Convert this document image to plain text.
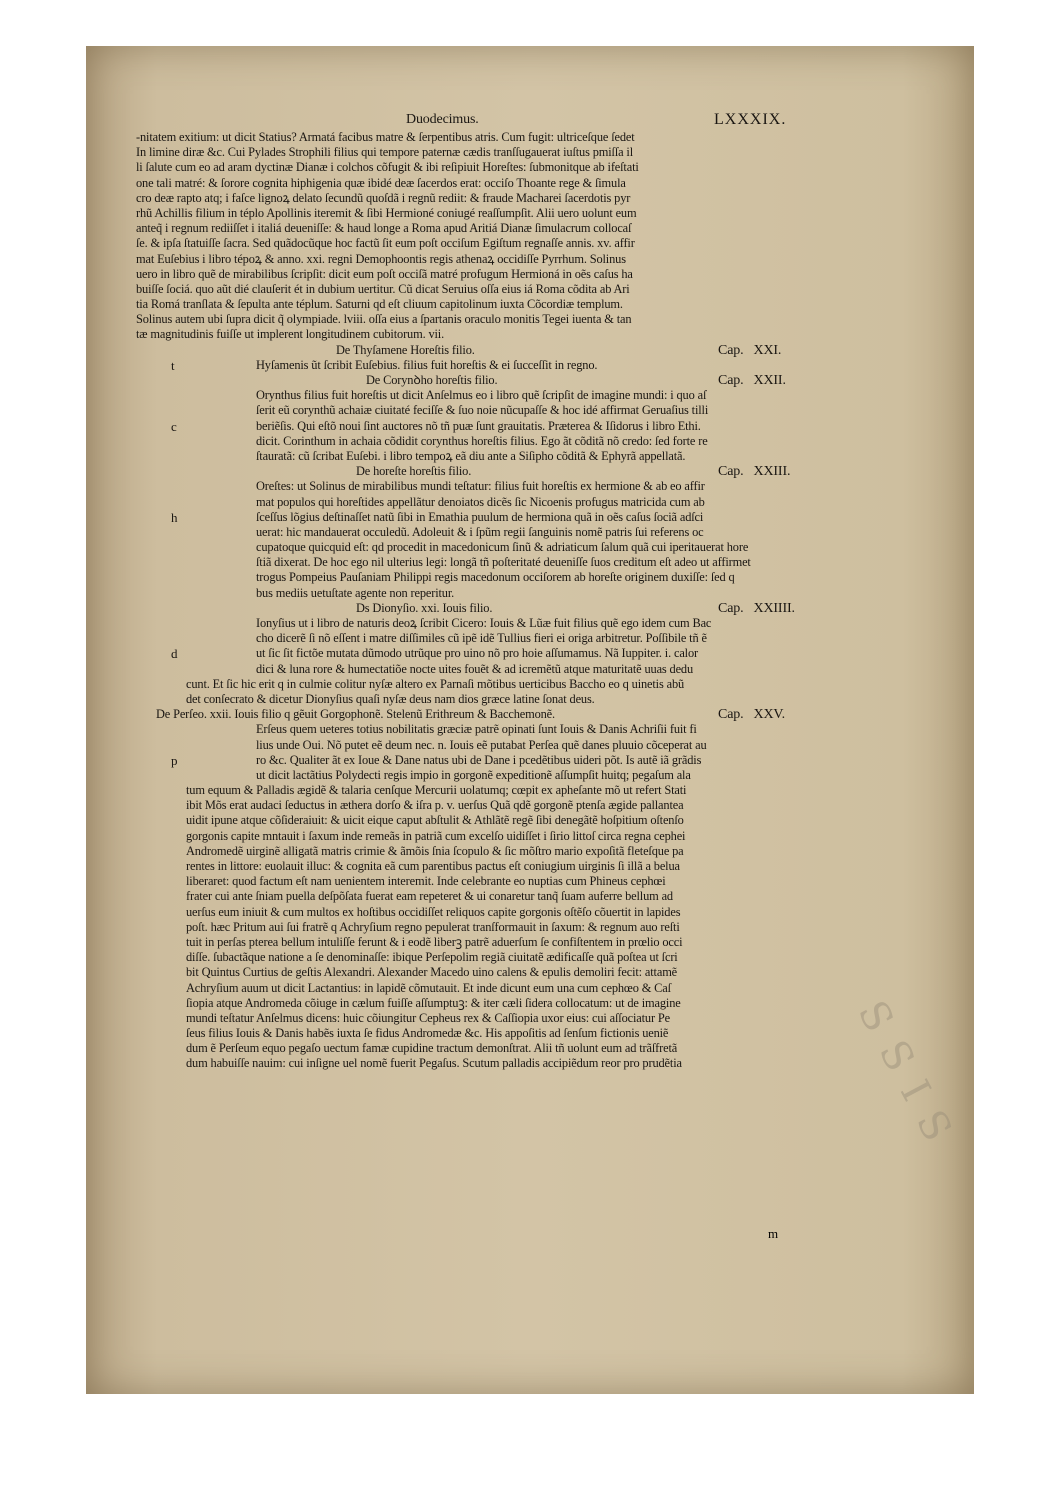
Duodecimus.	LXXXIX.
-nitatem exitium: ut dicit Statius? Armatá facibus matre & ſerpentibus atris. Cum fugit: ultriceſque ſedet
In limine diræ &c. Cui Pylades Strophili filius qui tempore paternæ cædis tranſſugauerat iuſtus pmiſſa il
li ſalute cum eo ad aram dyctinæ Dianæ i colchos cõfugit & ibi reſipiuit Horeſtes: ſubmonitque ab ifeſtati
one tali matré: & ſorore cognita hiphigenia quæ ibidé deæ ſacerdos erat: occiſo Thoante rege & ſimula
cro deæ rapto atq; i faſce lignoꝝ delato ſecundũ quoſdã i regnũ rediit: & fraude Macharei ſacerdotis pyr
rhũ Achillis filium in téplo Apollinis iteremit & ſibi Hermioné coniugé reaſſumpſit. Alii uero uolunt eum
anteq̃ i regnum rediiſſet i italiá deueniſſe: & haud longe a Roma apud Aritiá Dianæ ſimulacrum collocaſ
ſe. & ipſa ſtatuiſſe ſacra. Sed quãdocũque hoc factũ ſit eum poſt occiſum Egiſtum regnaſſe annis. xv. affir
mat Euſebius i libro tépoꝝ & anno. xxi. regni Demophoontis regis athenaꝝ occidiſſe Pyrrhum. Solinus
uero in libro quẽ de mirabilibus ſcripſit: dicit eum poſt occiſã matré profugum Hermioná in oẽs caſus ha
buiſſe ſociá. quo aũt dié clauſerit ét in dubium uertitur. Cũ dicat Seruius oſſa eius iá Roma cõdita ab Ari
tia Romá tranſlata & ſepulta ante téplum. Saturni qd eſt cliuum capitolinum iuxta Cõcordiæ templum.
Solinus autem ubi ſupra dicit q̃ olympiade. lviii. oſſa eius a ſpartanis oraculo monitis Tegei iuenta & tan
tæ magnitudinis fuiſſe ut implerent longitudinem cubitorum. vii.
De Thyſamene Horeſtis filio.	Cap.   XXI.
Hyſamenis ũt ſcribit Euſebius. filius fuit horeſtis & ei ſucceſſit in regno.
t
De Corynꝺho horeſtis filio.	Cap.   XXII.
Orynthus filius fuit horeſtis ut dicit Anſelmus eo i libro quẽ ſcripſit de imagine mundi: i quo aſ
ſerit eũ corynthũ achaiæ ciuitaté feciſſe & ſuo noie nũcupaſſe & hoc idé affirmat Geruaſius tilli
beriẽſis. Qui eſtõ noui ſint auctores nõ tñ puæ ſunt grauitatis. Præterea & Iſidorus i libro Ethi.
c
dicit. Corinthum in achaia cõdidit corynthus horeſtis filius. Ego ãt cõditã nõ credo: ſed forte re
ſtauratã: cũ ſcribat Euſebi. i libro tempoꝝ eã diu ante a Siſipho cõditã & Ephyrã appellatã.
De horeſte horeſtis filio.	Cap.   XXIII.
Oreſtes: ut Solinus de mirabilibus mundi teſtatur: filius fuit horeſtis ex hermione & ab eo affir
mat populos qui horeſtides appellãtur denoiatos dicẽs ſic Nicoenis profugus matricida cum ab
ſceſſus lõgius deſtinaſſet natũ ſibi in Emathia puulum de hermiona quã in oẽs caſus ſociã adſci
h
uerat: hic mandauerat occuledũ. Adoleuit & i ſpũm regii ſanguinis nomẽ patris ſui referens oc
cupatoque quicquid eſt: qd procedit in macedonicum ſinũ & adriaticum ſalum quã cui iperitauerat hore
ſtiã dixerat. De hoc ego nil ulterius legi: longã tñ poſteritaté deueniſſe ſuos creditum eſt adeo ut affirmet
trogus Pompeius Pauſaniam Philippi regis macedonum occiſorem ab horeſte originem duxiſſe: ſed q
bus mediis uetuſtate agente non reperitur.
Ds Dionyſio. xxi. Iouis filio.	Cap.   XXIIII.
Ionyſius ut i libro de naturis deoꝝ ſcribit Cicero: Iouis & Lũæ fuit filius quẽ ego idem cum Bac
cho dicerẽ ſi nõ eſſent i matre diſſimiles cũ ipẽ idẽ Tullius fieri ei origa arbitretur. Poſſibile tñ ẽ
ut ſic ſit fictõe mutata dũmodo utrũque pro uino nõ pro hoie aſſumamus. Nã Iuppiter. i. calor
d
dici & luna rore & humectatiõe nocte uites fouẽt & ad icremẽtũ atque maturitatẽ uuas dedu
cunt. Et ſic hic erit q in culmie colitur nyſæ altero ex Parnaſi mõtibus uerticibus Baccho eo q uinetis abũ
det conſecrato & dicetur Dionyſius quaſi nyſæ deus nam dios græce latine ſonat deus.
De Perſeo. xxii. Iouis filio q gẽuit Gorgophonẽ. Stelenũ Erithreum & Bacchemonẽ.	Cap.   XXV.
Erſeus quem ueteres totius nobilitatis græciæ patrẽ opinati ſunt Iouis & Danis Achriſii fuit fi
lius unde Oui. Nõ putet eẽ deum nec. n. Iouis eẽ putabat Perſea quẽ danes pluuio cõceperat au
ro &c. Qualiter ãt ex Ioue & Dane natus ubi de Dane i pcedẽtibus uideri põt. Is autẽ iã grãdis
p
ut dicit lactãtius Polydecti regis impio in gorgonẽ expeditionẽ aſſumpſit huitq; pegaſum ala
tum equum & Palladis ægidẽ & talaria cenſque Mercurii uolatumq; cœpit ex apheſante mõ ut refert Stati
ibit Mõs erat audaci ſeductus in æthera dorſo & iſra p. v. uerſus Quã qdẽ gorgonẽ ptenſa ægide pallantea
uidit ipune atque cõſideraiuit: & uicit eique caput abſtulit & Athlãtẽ regẽ ſibi denegãtẽ hoſpitium oſtenſo
gorgonis capite mntauit i ſaxum inde remeãs in patriã cum excelſo uidiſſet i ſirio littoſ circa regna cephei
Andromedẽ uirginẽ alligatã matris crimie & ãmõis ſnia ſcopulo & ſic mõſtro mario expoſitã fleteſque pa
rentes in littore: euolauit illuc: & cognita eã cum parentibus pactus eſt coniugium uirginis ſi illã a belua
liberaret: quod factum eſt nam uenientem interemit. Inde celebrante eo nuptias cum Phineus cephœi
frater cui ante ſniam puella deſpõſata fuerat eam repeteret & ui conaretur tanq̃ ſuam auferre bellum ad
uerſus eum iniuit & cum multos ex hoſtibus occidiſſet reliquos capite gorgonis oſtẽſo cõuertit in lapides
poſt. hæc Pritum aui ſui fratrẽ q Achryſium regno pepulerat tranſformauit in ſaxum: & regnum auo reſti
tuit in perſas pterea bellum intuliſſe ferunt & i eodẽ liberꝫ patrẽ aduerſum ſe confiſtentem in prœlio occi
diſſe. ſubactãque natione a ſe denominaſſe: ibique Perſepolim regiã ciuitatẽ ædificaſſe quã poſtea ut ſcri
bit Quintus Curtius de geſtis Alexandri. Alexander Macedo uino calens & epulis demoliri fecit: attamẽ
Achryſium auum ut dicit Lactantius: in lapidẽ cõmutauit. Et inde dicunt eum una cum cephœo & Caſ
ſiopia atque Andromeda cõiuge in cælum fuiſſe aſſumptuꝫ: & iter cæli ſidera collocatum: ut de imagine
mundi teſtatur Anſelmus dicens: huic cõiungitur Cepheus rex & Caſſiopia uxor eius: cui aſſociatur Pe
ſeus filius Iouis & Danis habẽs iuxta ſe fidus Andromedæ &c. His appoſitis ad ſenſum fictionis ueniẽ
dum ẽ Perſeum equo pegaſo uectum famæ cupidine tractum demonſtrat. Alii tñ uolunt eum ad trãſfretã
dum habuiſſe nauim: cui inſigne uel nomẽ fuerit Pegaſus. Scutum palladis accipiẽdum reor pro prudẽtia
m
SSIS
